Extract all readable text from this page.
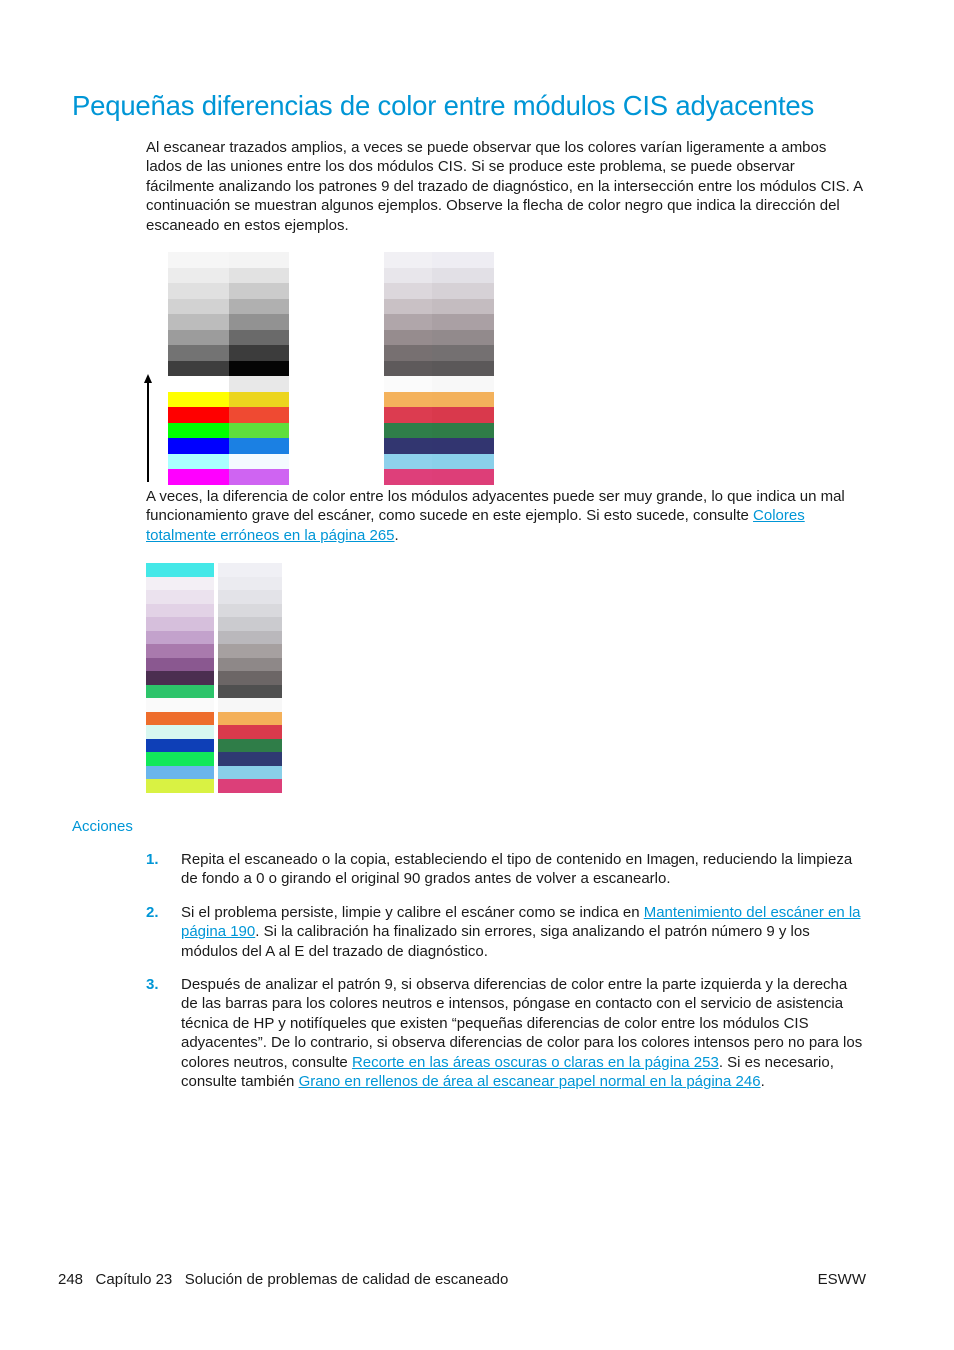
Pequeñas diferencias de color entre módulos CIS adyacentes

Al escanear trazados amplios, a veces se puede observar que los colores varían ligeramente a ambos lados de las uniones entre los dos módulos CIS. Si se produce este problema, se puede observar fácilmente analizando los patrones 9 del trazado de diagnóstico, en la intersección entre los módulos CIS. A continuación se muestran algunos ejemplos. Observe la flecha de color negro que indica la dirección del escaneado en estos ejemplos.

A veces, la diferencia de color entre los módulos adyacentes puede ser muy grande, lo que indica un mal funcionamiento grave del escáner, como sucede en este ejemplo. Si esto sucede, consulte Colores totalmente erróneos en la página 265.

Acciones
1. Repita el escaneado o la copia, estableciendo el tipo de contenido en Imagen, reduciendo la limpieza de fondo a 0 o girando el original 90 grados antes de volver a escanearlo.
2. Si el problema persiste, limpie y calibre el escáner como se indica en Mantenimiento del escáner en la página 190. Si la calibración ha finalizado sin errores, siga analizando el patrón número 9 y los módulos del A al E del trazado de diagnóstico.
3. Después de analizar el patrón 9, si observa diferencias de color entre la parte izquierda y la derecha de las barras para los colores neutros e intensos, póngase en contacto con el servicio de asistencia técnica de HP y notifíqueles que existen “pequeñas diferencias de color entre los módulos CIS adyacentes”. De lo contrario, si observa diferencias de color para los colores intensos pero no para los colores neutros, consulte Recorte en las áreas oscuras o claras en la página 253. Si es necesario, consulte también Grano en rellenos de área al escanear papel normal en la página 246.
248 Capítulo 23 Solución de problemas de calidad de escaneado	ESWW
